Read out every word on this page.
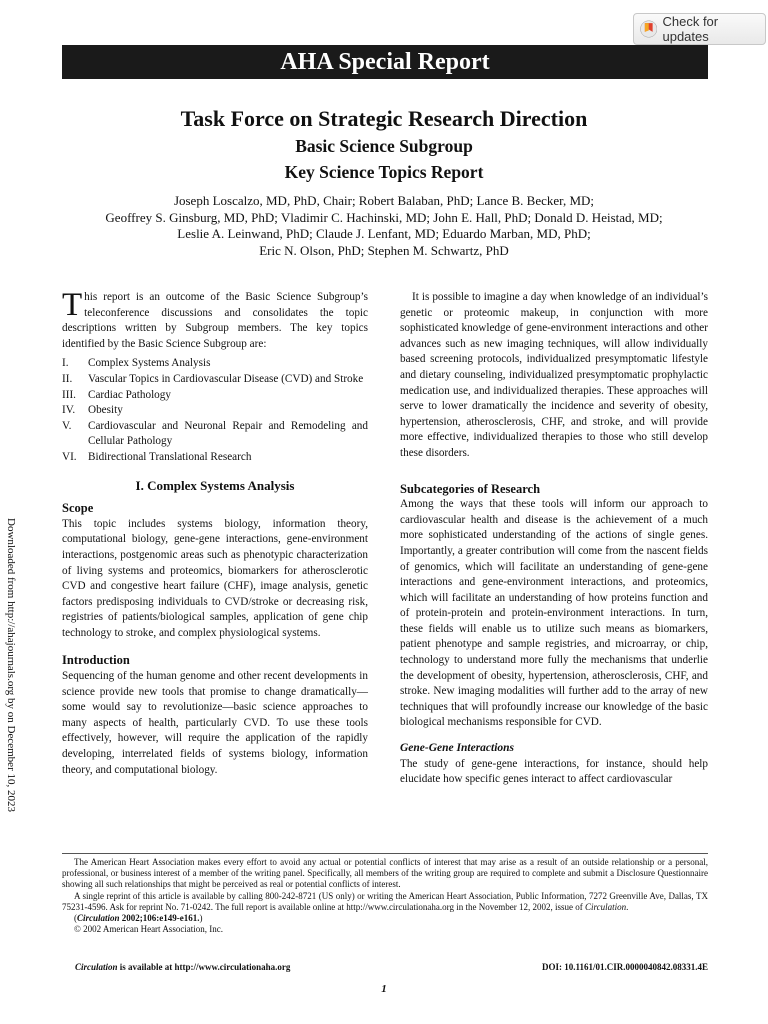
Check for updates
AHA Special Report
Task Force on Strategic Research Direction
Basic Science Subgroup
Key Science Topics Report
Joseph Loscalzo, MD, PhD, Chair; Robert Balaban, PhD; Lance B. Becker, MD;
Geoffrey S. Ginsburg, MD, PhD; Vladimir C. Hachinski, MD; John E. Hall, PhD; Donald D. Heistad, MD;
Leslie A. Leinwand, PhD; Claude J. Lenfant, MD; Eduardo Marban, MD, PhD;
Eric N. Olson, PhD; Stephen M. Schwartz, PhD
Downloaded from http://ahajournals.org by on December 10, 2023

This report is an outcome of the Basic Science Subgroup’s teleconference discussions and consolidates the topic descriptions written by Subgroup members. The key topics identified by the Basic Science Subgroup are:

I.	Complex Systems Analysis
II.	Vascular Topics in Cardiovascular Disease (CVD) and Stroke
III.	Cardiac Pathology
IV.	Obesity
V.	Cardiovascular and Neuronal Repair and Remodeling and Cellular Pathology
VI.	Bidirectional Translational Research
I. Complex Systems Analysis
Scope

This topic includes systems biology, information theory, computational biology, gene-gene interactions, gene-environment interactions, postgenomic areas such as phenotypic characterization of living systems and proteomics, biomarkers for atherosclerotic CVD and congestive heart failure (CHF), image analysis, genetic factors predisposing individuals to CVD/stroke or decreasing risk, registries of patients/biological samples, application of gene chip technology to stroke, and complex physiological systems.

Introduction

Sequencing of the human genome and other recent developments in science provide new tools that promise to change dramatically—some would say to revolutionize—basic science approaches to many aspects of health, particularly CVD. To use these tools effectively, however, will require the application of the rapidly developing, interrelated fields of systems biology, information theory, and computational biology.

It is possible to imagine a day when knowledge of an individual’s genetic or proteomic makeup, in conjunction with more sophisticated knowledge of gene-environment interactions and other advances such as new imaging techniques, will allow individually based screening protocols, individualized presymptomatic lifestyle and dietary counseling, individualized presymptomatic prophylactic medication use, and individualized therapies. These approaches will serve to lower dramatically the incidence and severity of obesity, hypertension, atherosclerosis, CHF, and stroke, and will provide more effective, individualized therapies to those who still develop these disorders.

Subcategories of Research

Among the ways that these tools will inform our approach to cardiovascular health and disease is the achievement of a much more sophisticated understanding of the actions of single genes. Importantly, a greater contribution will come from the nascent fields of genomics, which will facilitate an understanding of gene-gene interactions and gene-environment interactions, and proteomics, which will facilitate an understanding of how proteins function and of protein-protein and protein-environment interactions. In turn, these fields will enable us to utilize such means as biomarkers, patient phenotype and sample registries, and microarray, or chip, technology to understand more fully the mechanisms that underlie the development of obesity, hypertension, atherosclerosis, CHF, and stroke. New imaging modalities will further add to the array of new techniques that will profoundly increase our knowledge of the basic biological mechanisms responsible for CVD.

Gene-Gene Interactions

The study of gene-gene interactions, for instance, should help elucidate how specific genes interact to affect cardiovascular

The American Heart Association makes every effort to avoid any actual or potential conflicts of interest that may arise as a result of an outside relationship or a personal, professional, or business interest of a member of the writing panel. Specifically, all members of the writing group are required to complete and submit a Disclosure Questionnaire showing all such relationships that might be perceived as real or potential conflicts of interest.

A single reprint of this article is available by calling 800-242-8721 (US only) or writing the American Heart Association, Public Information, 7272 Greenville Ave, Dallas, TX 75231-4596. Ask for reprint No. 71-0242. The full report is available online at http://www.circulationaha.org in the November 12, 2002, issue of Circulation.

(Circulation 2002;106:e149-e161.)

© 2002 American Heart Association, Inc.

Circulation is available at http://www.circulationaha.org	DOI: 10.1161/01.CIR.0000040842.08331.4E
1
